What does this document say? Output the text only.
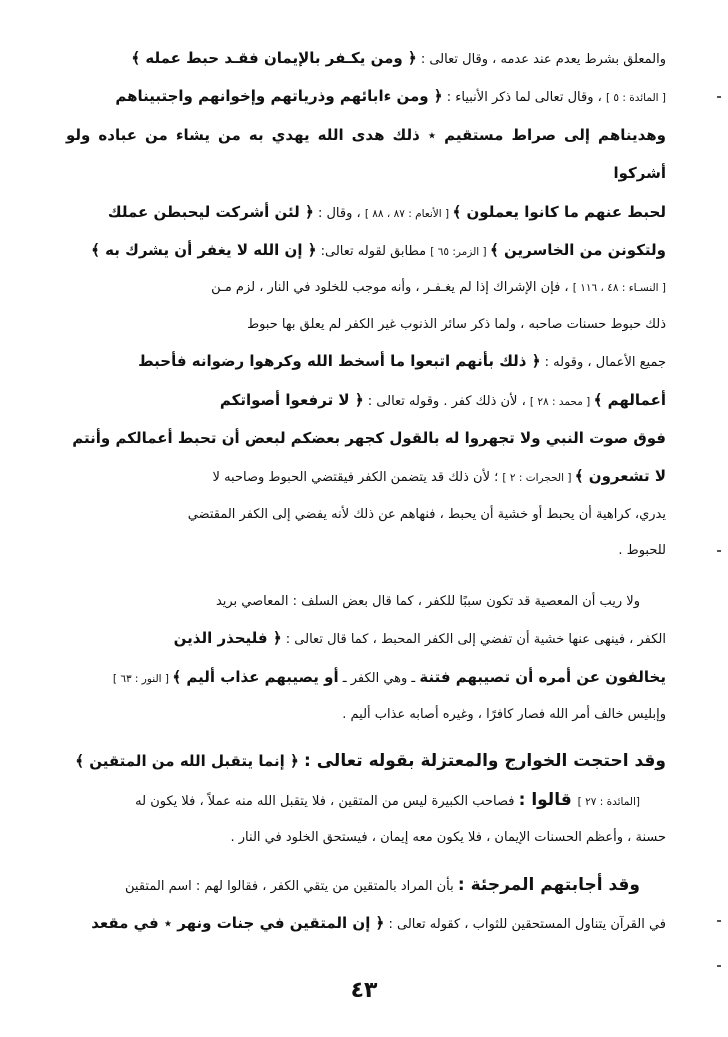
والمعلق بشرط يعدم عند عدمه ، وقال تعالى : ﴿ ومن يكـفر بالإيمان فقـد حبط عمله ﴾

[ المائدة : ٥ ] ، وقال تعالى لما ذكر الأنبياء : ﴿ ومن ءابائهم وذرياتهم وإخوانهم واجتبيناهم

وهديناهم إلى صراط مستقيم ٭ ذلك هدى الله يهدي به من يشاء من عباده ولو أشركوا

لحبط عنهم ما كانوا يعملون ﴾ [ الأنعام : ٨٧ ، ٨٨ ] ، وقال : ﴿ لئن أشركت ليحبطن عملك

ولتكونن من الخاسرين ﴾ [ الزمر: ٦٥ ] مطابق لقوله تعالى: ﴿ إن الله لا يغفر أن يشرك به ﴾

[ النسـاء : ٤٨ ، ١١٦ ] ، فإن الإشراك إذا لم يغـفـر ، وأنه موجب للخلود في النار ، لزم مـن

ذلك حبوط حسنات صاحبه ، ولما ذكر سائر الذنوب غير الكفر لم يعلق بها حبوط

جميع الأعمال ، وقوله : ﴿ ذلك بأنهم اتبعوا ما أسخط الله وكرهوا رضوانه فأحبط

أعمالهم ﴾ [ محمد : ٢٨ ] ، لأن ذلك كفر . وقوله تعالى : ﴿ لا ترفعوا أصواتكم

فوق صوت النبي ولا تجهروا له بالقول كجهر بعضكم لبعض أن تحبط أعمالكم وأنتم

لا تشعرون ﴾ [ الحجرات : ٢ ] ؛ لأن ذلك قد يتضمن الكفر فيقتضي الحبوط وصاحبه لا

يدري، كراهية أن يحبط أو خشية أن يحبط ، فنهاهم عن ذلك لأنه يفضي إلى الكفر المقتضي

للحبوط .

ولا ريب أن المعصية قد تكون سببًا للكفر ، كما قال بعض السلف : المعاصي بريد

الكفر ، فينهى عنها خشية أن تفضي إلى الكفر المحبط ، كما قال تعالى : ﴿ فليحذر الذين

يخالفون عن أمره أن تصيبهم فتنة ـ وهي الكفر ـ أو يصيبهم عذاب أليم ﴾ [ النور : ٦٣ ]

وإبليس خالف أمر الله فصار كافرًا ، وغيره أصابه عذاب أليم .

وقد احتجت الخوارج والمعتزلة بقوله تعالى : ﴿ إنما يتقبل الله من المتقين ﴾

[المائدة : ٢٧ ] قالوا : فصاحب الكبيرة ليس من المتقين ، فلا يتقبل الله منه عملاً ، فلا يكون له

حسنة ، وأعظم الحسنات الإيمان ، فلا يكون معه إيمان ، فيستحق الخلود في النار .

وقد أجابتهم المرجئة : بأن المراد بالمتقين من يتقي الكفر ، فقالوا لهم : اسم المتقين

في القرآن يتناول المستحقين للثواب ، كقوله تعالى : ﴿ إن المتقين في جنات ونهر ٭ في مقعد

٤٣
